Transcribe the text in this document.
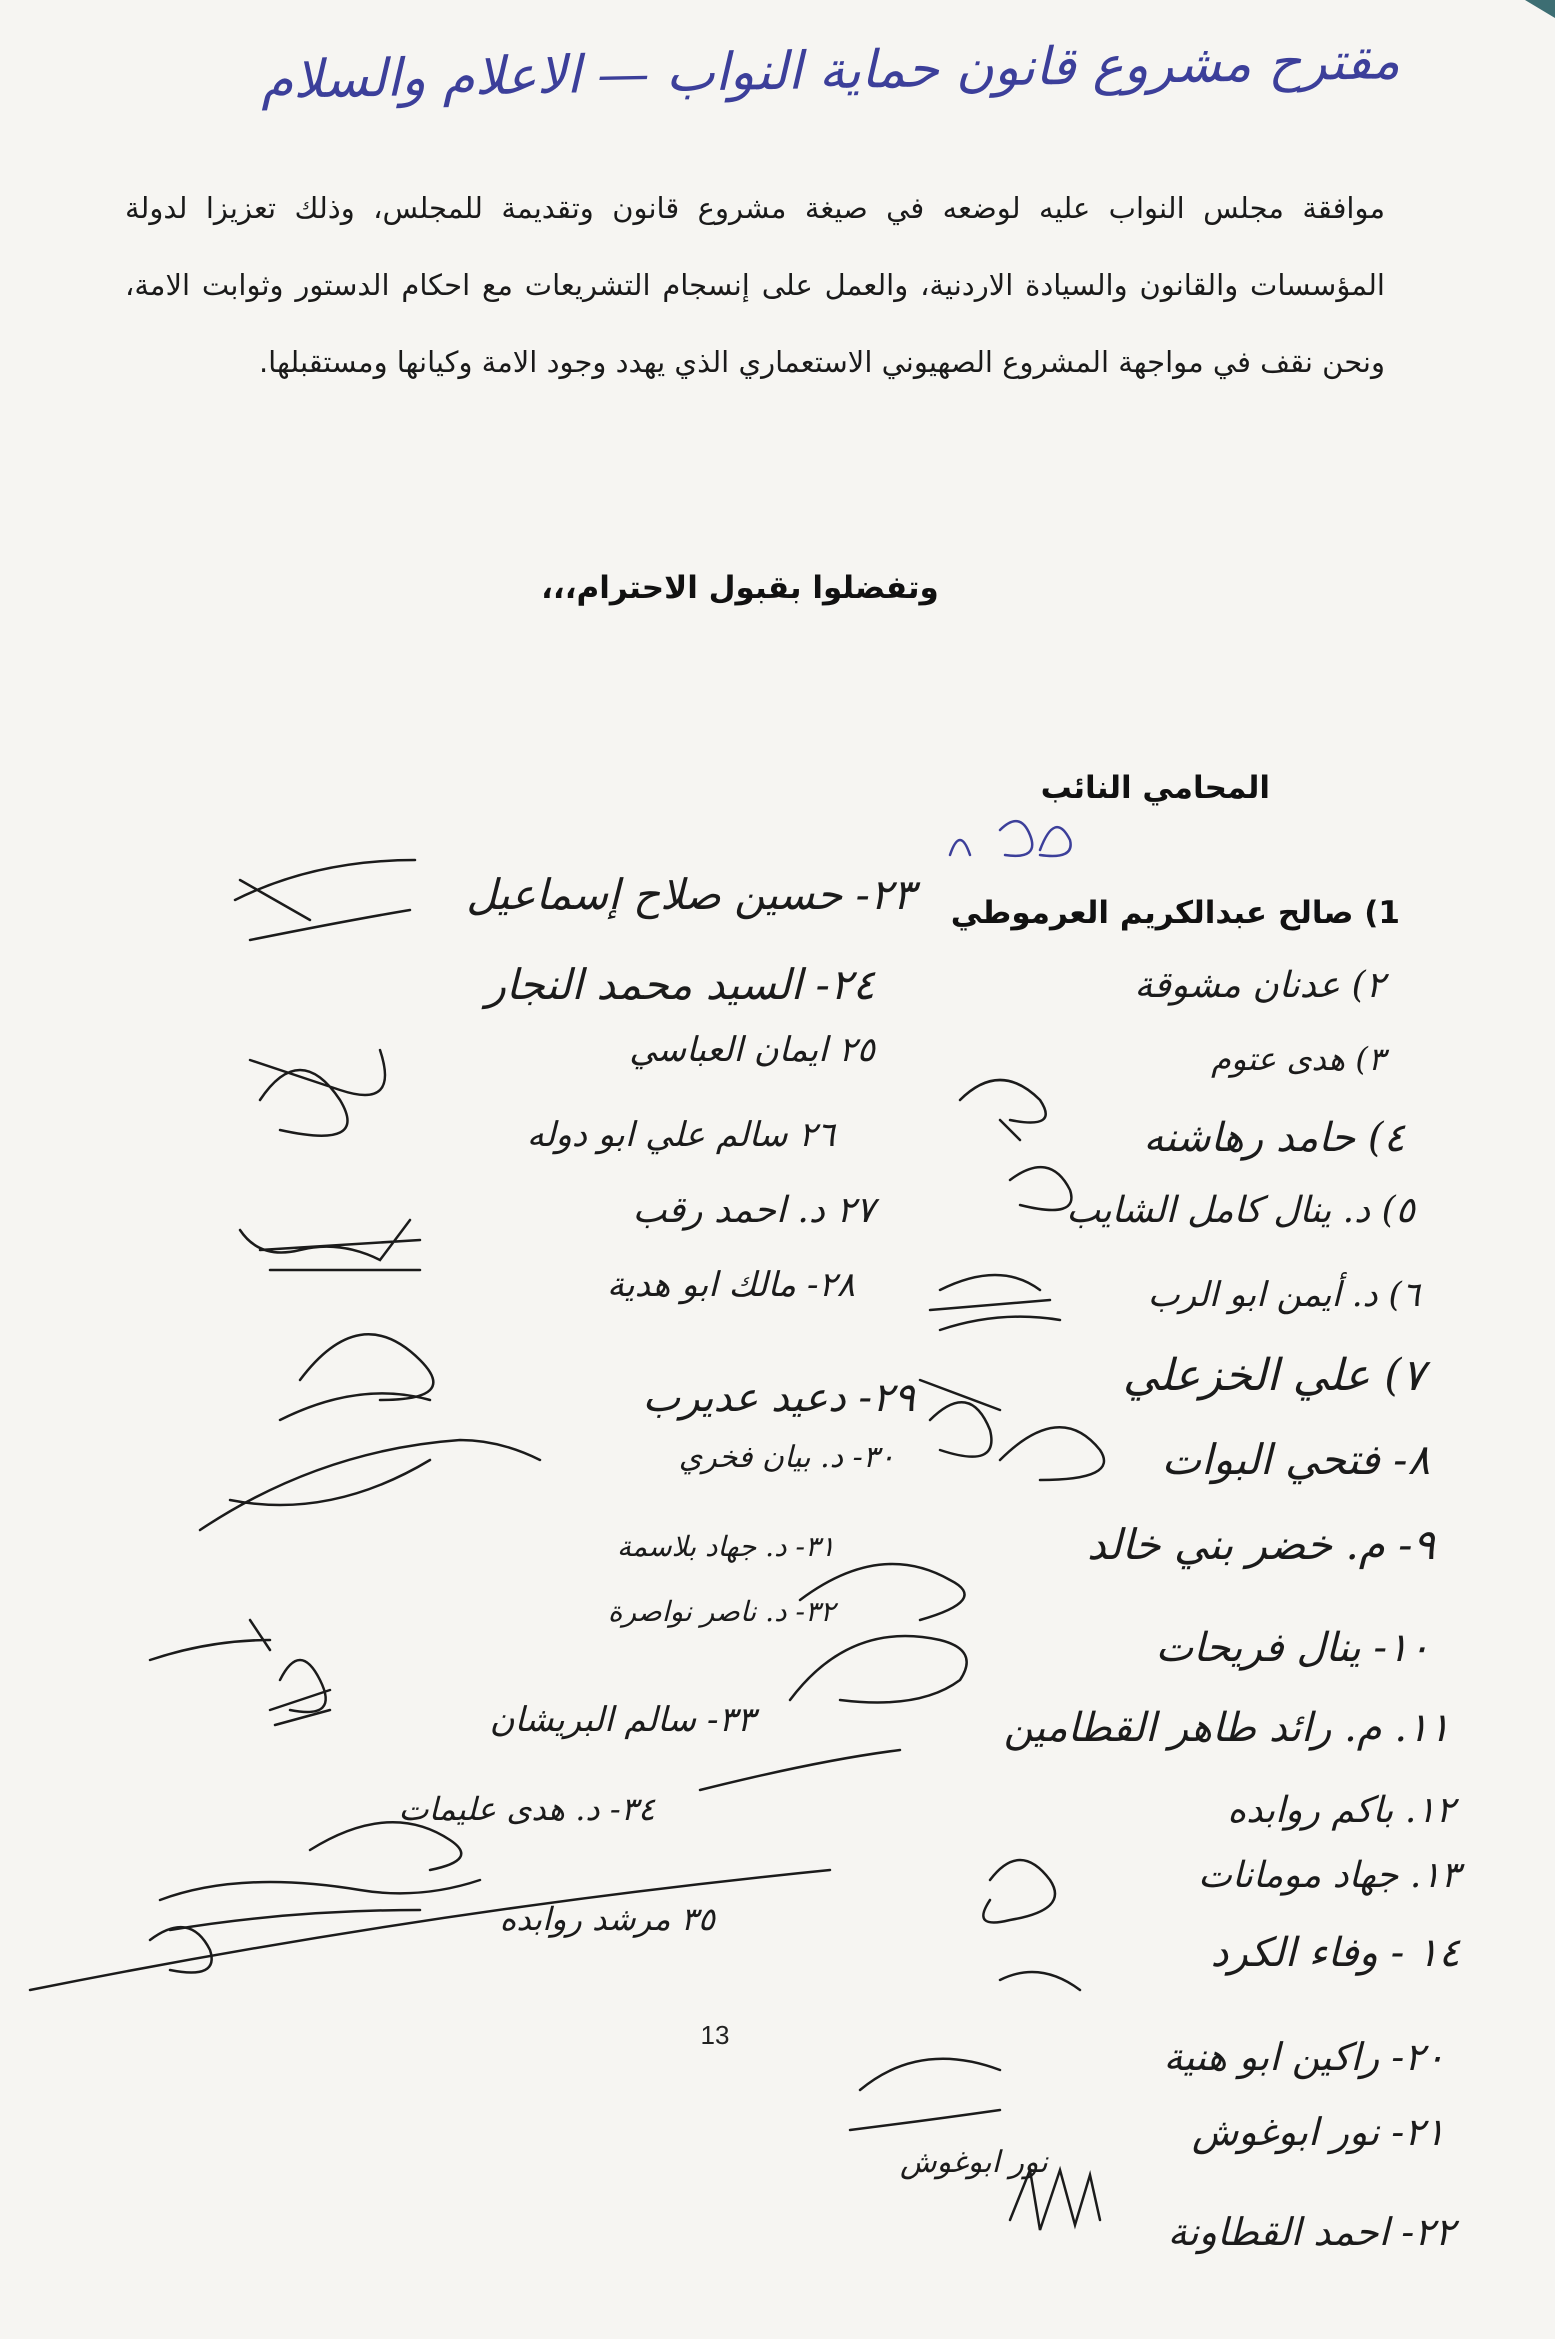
مقترح مشروع قانون حماية النواب — الاعلام والسلام
موافقة مجلس النواب عليه لوضعه في صيغة مشروع قانون وتقديمة للمجلس، وذلك تعزيزا لدولة المؤسسات والقانون والسيادة الاردنية، والعمل على إنسجام التشريعات مع احكام الدستور وثوابت الامة، ونحن نقف في مواجهة المشروع الصهيوني الاستعماري الذي يهدد وجود الامة وكيانها ومستقبلها.
وتفضلوا بقبول الاحترام،،،
المحامي النائب
1) صالح عبدالكريم العرموطي
٢) عدنان مشوقة
٣) هدى عتوم
٤) حامد رهاشنه
٥) د. ينال كامل الشايب
٦) د. أيمن ابو الرب
٧) علي الخزعلي
٨- فتحي البوات
٩- م. خضر بني خالد
١٠- ينال فريحات
١١. م. رائد طاهر القطامين
١٢. باكم روابده
١٣. جهاد مومانات
١٤ - وفاء الكرد
٢٠- راكين ابو هنية
٢١- نور ابوغوش
٢٢- احمد القطاونة
٢٣- حسين صلاح إسماعيل
٢٤- السيد محمد النجار
٢٥ ايمان العباسي
٢٦ سالم علي ابو دوله
٢٧ د. احمد رقب
٢٨- مالك ابو هدية
٢٩- دعيد عديرب
٣٠- د. بيان فخري
٣١- د. جهاد بلاسمة
٣٢- د. ناصر نواصرة
٣٣- سالم البريشان
٣٤- د. هدى عليمات
٣٥ مرشد روابده
نور ابوغوش
13
